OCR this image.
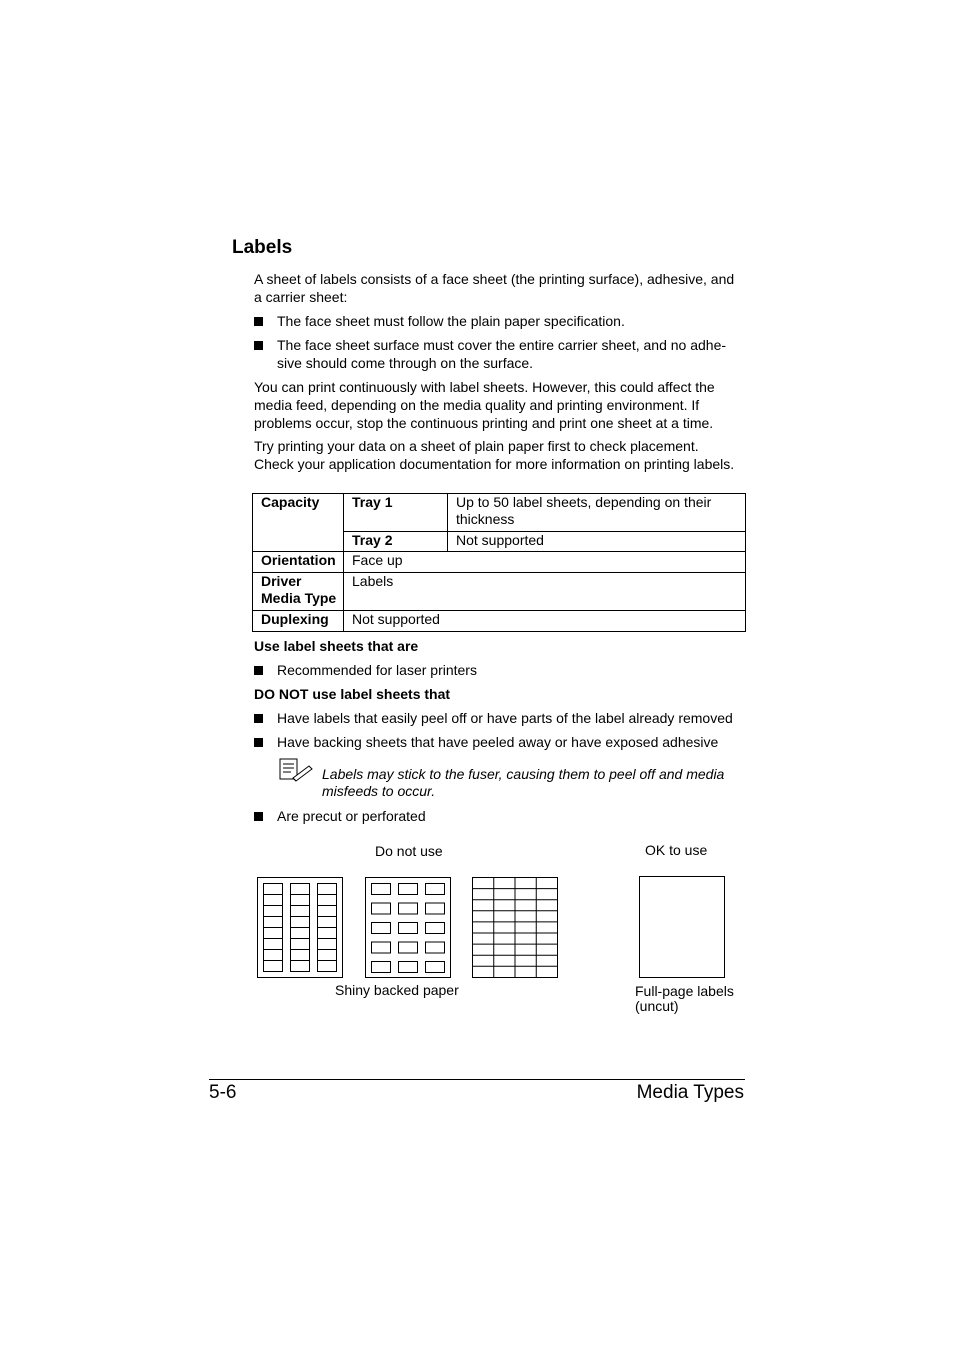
Labels
A sheet of labels consists of a face sheet (the printing surface), adhesive, and
a carrier sheet:
The face sheet must follow the plain paper specification.
The face sheet surface must cover the entire carrier sheet, and no adhe-
sive should come through on the surface.
You can print continuously with label sheets. However, this could affect the
media feed, depending on the media quality and printing environment. If
problems occur, stop the continuous printing and print one sheet at a time.
Try printing your data on a sheet of plain paper first to check placement.
Check your application documentation for more information on printing labels.
Capacity	Tray 1	Up to 50 label sheets, depending on their
thickness

	Tray 2	Not supported
Orientation	Face up	

Driver
Media Type	Labels	
Duplexing	Not supported	
Use label sheets that are
Recommended for laser printers
DO NOT use label sheets that
Have labels that easily peel off or have parts of the label already removed
Have backing sheets that have peeled away or have exposed adhesive
Labels may stick to the fuser, causing them to peel off and media
misfeeds to occur.
Are precut or perforated
Do not use	OK to use
Shiny backed paper	Full-page labels
(uncut)
5-6	Media Types
